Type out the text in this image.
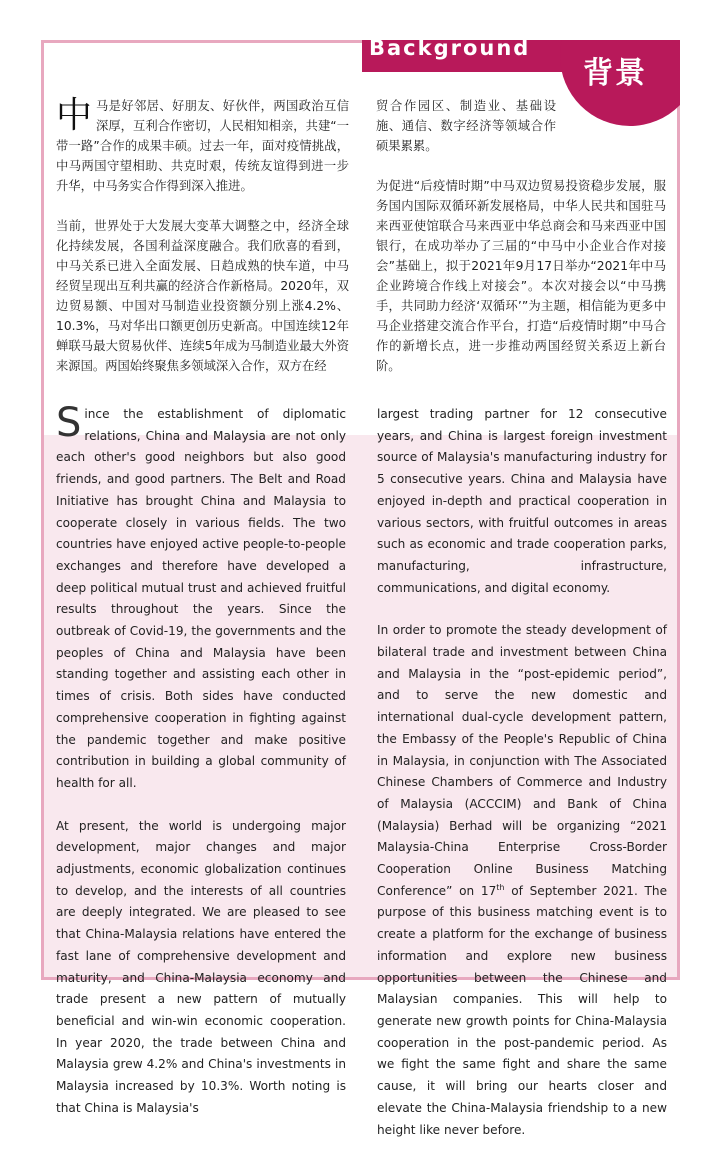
Background
背景

中马是好邻居、好朋友、好伙伴，两国政治互信深厚，互利合作密切，人民相知相亲，共建“一带一路”合作的成果丰硕。过去一年，面对疫情挑战，中马两国守望相助、共克时艰，传统友谊得到进一步升华，中马务实合作得到深入推进。

当前，世界处于大发展大变革大调整之中，经济全球化持续发展，各国利益深度融合。我们欣喜的看到，中马关系已进入全面发展、日趋成熟的快车道，中马经贸呈现出互利共赢的经济合作新格局。2020年，双边贸易额、中国对马制造业投资额分别上涨4.2%、10.3%，马对华出口额更创历史新高。中国连续12年蝉联马最大贸易伙伴、连续5年成为马制造业最大外资来源国。两国始终聚焦多领域深入合作，双方在经

贸合作园区、制造业、基础设施、通信、数字经济等领域合作硕果累累。

为促进“后疫情时期”中马双边贸易投资稳步发展，服务国内国际双循环新发展格局，中华人民共和国驻马来西亚使馆联合马来西亚中华总商会和马来西亚中国银行，在成功举办了三届的“中马中小企业合作对接会”基础上，拟于2021年9月17日举办“2021年中马企业跨境合作线上对接会”。本次对接会以“中马携手，共同助力经济‘双循环’”为主题，相信能为更多中马企业搭建交流合作平台，打造“后疫情时期”中马合作的新增长点，进一步推动两国经贸关系迈上新台阶。

Since the establishment of diplomatic relations, China and Malaysia are not only each other's good neighbors but also good friends, and good partners. The Belt and Road Initiative has brought China and Malaysia to cooperate closely in various fields. The two countries have enjoyed active people-to-people exchanges and therefore have developed a deep political mutual trust and achieved fruitful results throughout the years. Since the outbreak of Covid-19, the governments and the peoples of China and Malaysia have been standing together and assisting each other in times of crisis. Both sides have conducted comprehensive cooperation in fighting against the pandemic together and make positive contribution in building a global community of health for all.

At present, the world is undergoing major development, major changes and major adjustments, economic globalization continues to develop, and the interests of all countries are deeply integrated. We are pleased to see that China-Malaysia relations have entered the fast lane of comprehensive development and maturity, and China-Malaysia economy and trade present a new pattern of mutually beneficial and win-win economic cooperation. In year 2020, the trade between China and Malaysia grew 4.2% and China's investments in Malaysia increased by 10.3%. Worth noting is that China is Malaysia's

largest trading partner for 12 consecutive years, and China is largest foreign investment source of Malaysia's manufacturing industry for 5 consecutive years. China and Malaysia have enjoyed in-depth and practical cooperation in various sectors, with fruitful outcomes in areas such as economic and trade cooperation parks, manufacturing, infrastructure, communications, and digital economy.

In order to promote the steady development of bilateral trade and investment between China and Malaysia in the “post-epidemic period”, and to serve the new domestic and international dual-cycle development pattern, the Embassy of the People's Republic of China in Malaysia, in conjunction with The Associated Chinese Chambers of Commerce and Industry of Malaysia (ACCCIM) and Bank of China (Malaysia) Berhad will be organizing “2021 Malaysia-China Enterprise Cross-Border Cooperation Online Business Matching Conference” on 17th of September 2021. The purpose of this business matching event is to create a platform for the exchange of business information and explore new business opportunities between the Chinese and Malaysian companies. This will help to generate new growth points for China-Malaysia cooperation in the post-pandemic period. As we fight the same fight and share the same cause, it will bring our hearts closer and elevate the China-Malaysia friendship to a new height like never before.
